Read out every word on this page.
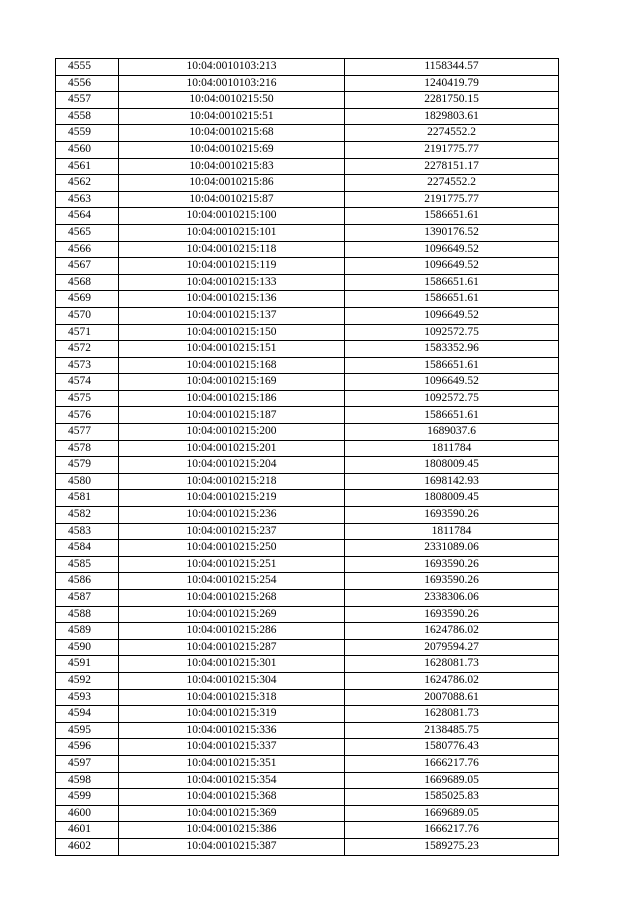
4555	10:04:0010103:213	1158344.57
4556	10:04:0010103:216	1240419.79
4557	10:04:0010215:50	2281750.15
4558	10:04:0010215:51	1829803.61
4559	10:04:0010215:68	2274552.2
4560	10:04:0010215:69	2191775.77
4561	10:04:0010215:83	2278151.17
4562	10:04:0010215:86	2274552.2
4563	10:04:0010215:87	2191775.77
4564	10:04:0010215:100	1586651.61
4565	10:04:0010215:101	1390176.52
4566	10:04:0010215:118	1096649.52
4567	10:04:0010215:119	1096649.52
4568	10:04:0010215:133	1586651.61
4569	10:04:0010215:136	1586651.61
4570	10:04:0010215:137	1096649.52
4571	10:04:0010215:150	1092572.75
4572	10:04:0010215:151	1583352.96
4573	10:04:0010215:168	1586651.61
4574	10:04:0010215:169	1096649.52
4575	10:04:0010215:186	1092572.75
4576	10:04:0010215:187	1586651.61
4577	10:04:0010215:200	1689037.6
4578	10:04:0010215:201	1811784
4579	10:04:0010215:204	1808009.45
4580	10:04:0010215:218	1698142.93
4581	10:04:0010215:219	1808009.45
4582	10:04:0010215:236	1693590.26
4583	10:04:0010215:237	1811784
4584	10:04:0010215:250	2331089.06
4585	10:04:0010215:251	1693590.26
4586	10:04:0010215:254	1693590.26
4587	10:04:0010215:268	2338306.06
4588	10:04:0010215:269	1693590.26
4589	10:04:0010215:286	1624786.02
4590	10:04:0010215:287	2079594.27
4591	10:04:0010215:301	1628081.73
4592	10:04:0010215:304	1624786.02
4593	10:04:0010215:318	2007088.61
4594	10:04:0010215:319	1628081.73
4595	10:04:0010215:336	2138485.75
4596	10:04:0010215:337	1580776.43
4597	10:04:0010215:351	1666217.76
4598	10:04:0010215:354	1669689.05
4599	10:04:0010215:368	1585025.83
4600	10:04:0010215:369	1669689.05
4601	10:04:0010215:386	1666217.76
4602	10:04:0010215:387	1589275.23
